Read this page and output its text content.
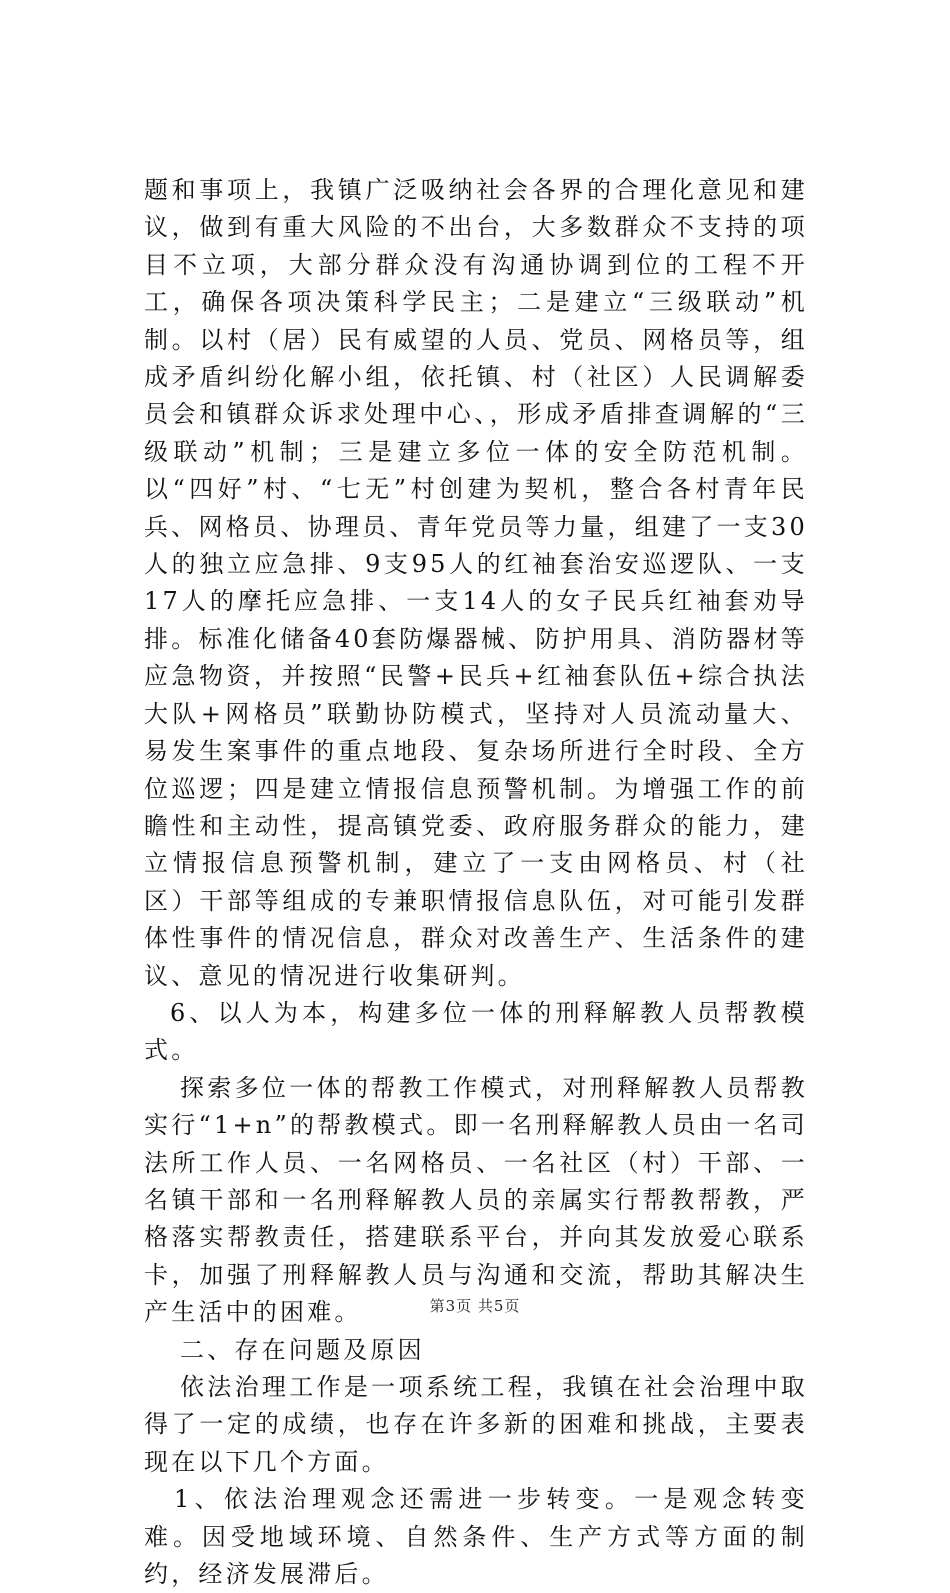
题和事项上，我镇广泛吸纳社会各界的合理化意见和建议，做到有重大风险的不出台，大多数群众不支持的项目不立项，大部分群众没有沟通协调到位的工程不开工，确保各项决策科学民主；二是建立“三级联动”机制。以村（居）民有威望的人员、党员、网格员等，组成矛盾纠纷化解小组，依托镇、村（社区）人民调解委员会和镇群众诉求处理中心、，形成矛盾排查调解的“三级联动”机制；三是建立多位一体的安全防范机制。以“四好”村、“七无”村创建为契机，整合各村青年民兵、网格员、协理员、青年党员等力量，组建了一支30人的独立应急排、9支95人的红袖套治安巡逻队、一支17人的摩托应急排、一支14人的女子民兵红袖套劝导排。标准化储备40套防爆器械、防护用具、消防器材等应急物资，并按照“民警+民兵+红袖套队伍+综合执法大队+网格员”联勤协防模式，坚持对人员流动量大、易发生案事件的重点地段、复杂场所进行全时段、全方位巡逻；四是建立情报信息预警机制。为增强工作的前瞻性和主动性，提高镇党委、政府服务群众的能力，建立情报信息预警机制，建立了一支由网格员、村（社区）干部等组成的专兼职情报信息队伍，对可能引发群体性事件的情况信息，群众对改善生产、生活条件的建议、意见的情况进行收集研判。

6、以人为本，构建多位一体的刑释解教人员帮教模式。

探索多位一体的帮教工作模式，对刑释解教人员帮教实行“1+n”的帮教模式。即一名刑释解教人员由一名司法所工作人员、一名网格员、一名社区（村）干部、一名镇干部和一名刑释解教人员的亲属实行帮教帮教，严格落实帮教责任，搭建联系平台，并向其发放爱心联系卡，加强了刑释解教人员与沟通和交流，帮助其解决生产生活中的困难。

二、存在问题及原因

依法治理工作是一项系统工程，我镇在社会治理中取得了一定的成绩，也存在许多新的困难和挑战，主要表现在以下几个方面。

1、依法治理观念还需进一步转变。一是观念转变难。因受地域环境、自然条件、生产方式等方面的制约，经济发展滞后。

第3页 共5页
